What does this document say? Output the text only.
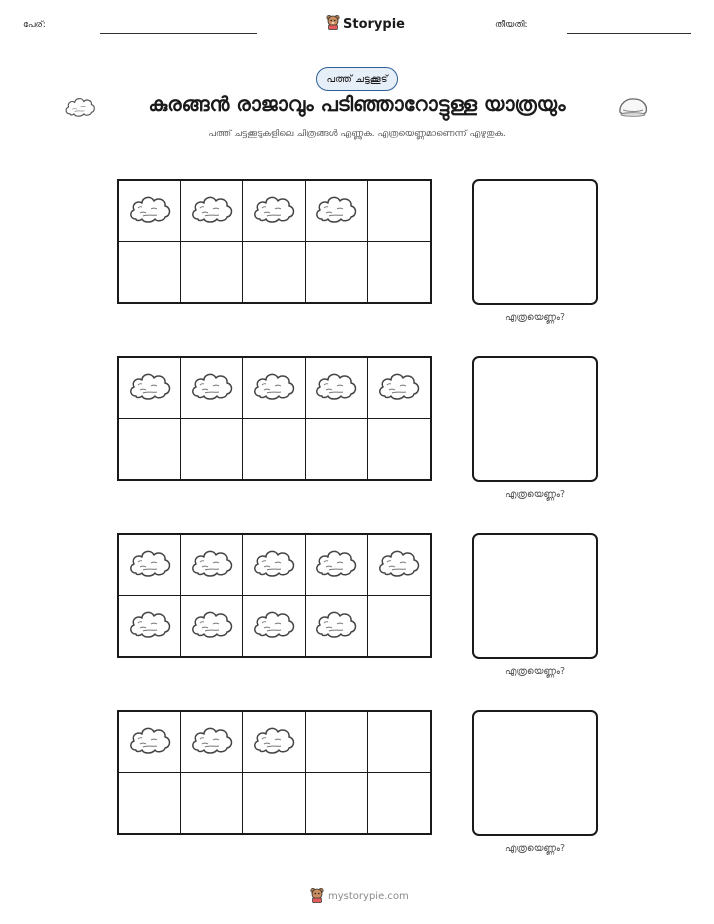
പേര്:	Storypie	തീയതി:
പത്ത് ചട്ടക്കൂട്
കുരങ്ങൻ രാജാവും പടിഞ്ഞാറോട്ടുള്ള യാത്രയും
പത്ത് ചട്ടക്കൂടുകളിലെ ചിത്രങ്ങൾ എണ്ണുക. എത്രയെണ്ണമാണെന്ന് എഴുതുക.
എത്രയെണ്ണം?
എത്രയെണ്ണം?
എത്രയെണ്ണം?
എത്രയെണ്ണം?
mystorypie.com
